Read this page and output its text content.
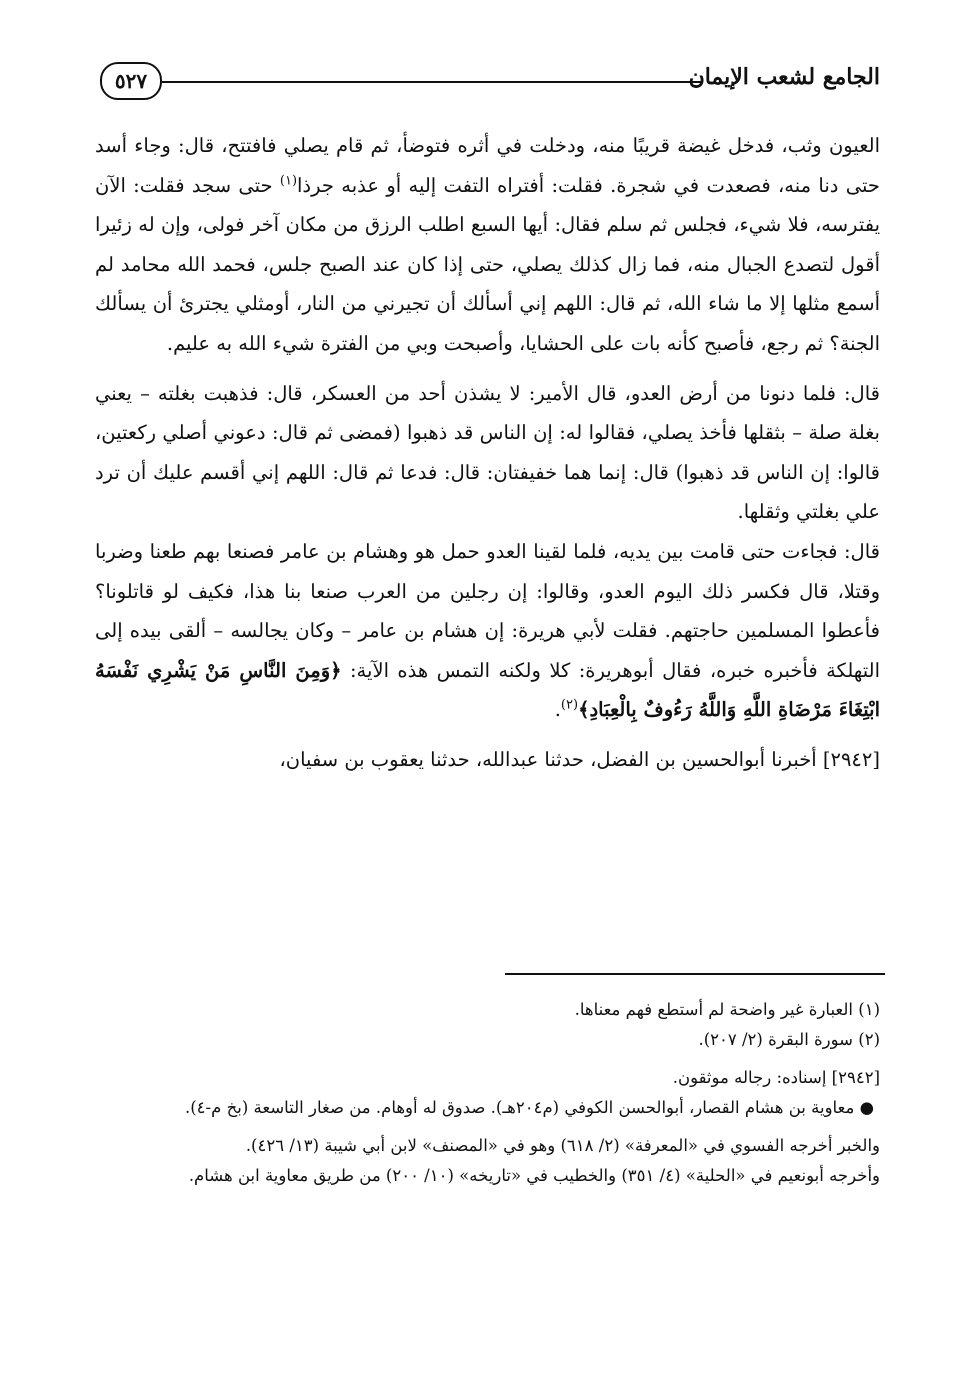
٥٢٧	الجامع لشعب الإيمان

العيون وثب، فدخل غيضة قريبًا منه، ودخلت في أثره فتوضأ، ثم قام يصلي فافتتح، قال: وجاء أسد حتى دنا منه، فصعدت في شجرة. فقلت: أفتراه التفت إليه أو عذبه جرذا$^{(١)}$ حتى سجد فقلت: الآن يفترسه، فلا شيء، فجلس ثم سلم فقال: أيها السبع اطلب الرزق من مكان آخر فولى، وإن له زئيرا أقول لتصدع الجبال منه، فما زال كذلك يصلي، حتى إذا كان عند الصبح جلس، فحمد الله محامد لم أسمع مثلها إلا ما شاء الله، ثم قال: اللهم إني أسألك أن تجيرني من النار، أومثلي يجترئ أن يسألك الجنة؟ ثم رجع، فأصبح كأنه بات على الحشايا، وأصبحت وبي من الفترة شيء الله به عليم.

قال: فلما دنونا من أرض العدو، قال الأمير: لا يشذن أحد من العسكر، قال: فذهبت بغلته – يعني بغلة صلة – بثقلها فأخذ يصلي، فقالوا له: إن الناس قد ذهبوا (فمضى ثم قال: دعوني أصلي ركعتين، قالوا: إن الناس قد ذهبوا) قال: إنما هما خفيفتان: قال: فدعا ثم قال: اللهم إني أقسم عليك أن ترد علي بغلتي وثقلها.

قال: فجاءت حتى قامت بين يديه، فلما لقينا العدو حمل هو وهشام بن عامر فصنعا بهم طعنا وضربا وقتلا، قال فكسر ذلك اليوم العدو، وقالوا: إن رجلين من العرب صنعا بنا هذا، فكيف لو قاتلونا؟ فأعطوا المسلمين حاجتهم. فقلت لأبي هريرة: إن هشام بن عامر – وكان يجالسه – ألقى بيده إلى التهلكة فأخبره خبره، فقال أبوهريرة: كلا ولكنه التمس هذه الآية: ﴿وَمِنَ النَّاسِ مَنْ يَشْرِي نَفْسَهُ ابْتِغَاءَ مَرْضَاةِ اللَّهِ وَاللَّهُ رَءُوفٌ بِالْعِبَادِ﴾$^{(٢)}$.

[٢٩٤٢] أخبرنا أبوالحسين بن الفضل، حدثنا عبدالله، حدثنا يعقوب بن سفيان،

(١) العبارة غير واضحة لم أستطع فهم معناها.

(٢) سورة البقرة (٢/ ٢٠٧).

[٢٩٤٢] إسناده: رجاله موثقون.

● معاوية بن هشام القصار، أبوالحسن الكوفي (م٢٠٤هـ). صدوق له أوهام. من صغار التاسعة (بخ م-٤).

والخبر أخرجه الفسوي في «المعرفة» (٢/ ٦١٨) وهو في «المصنف» لابن أبي شيبة (١٣/ ٤٢٦).

وأخرجه أبونعيم في «الحلية» (٤/ ٣٥١) والخطيب في «تاريخه» (١٠/ ٢٠٠) من طريق معاوية ابن هشام.
